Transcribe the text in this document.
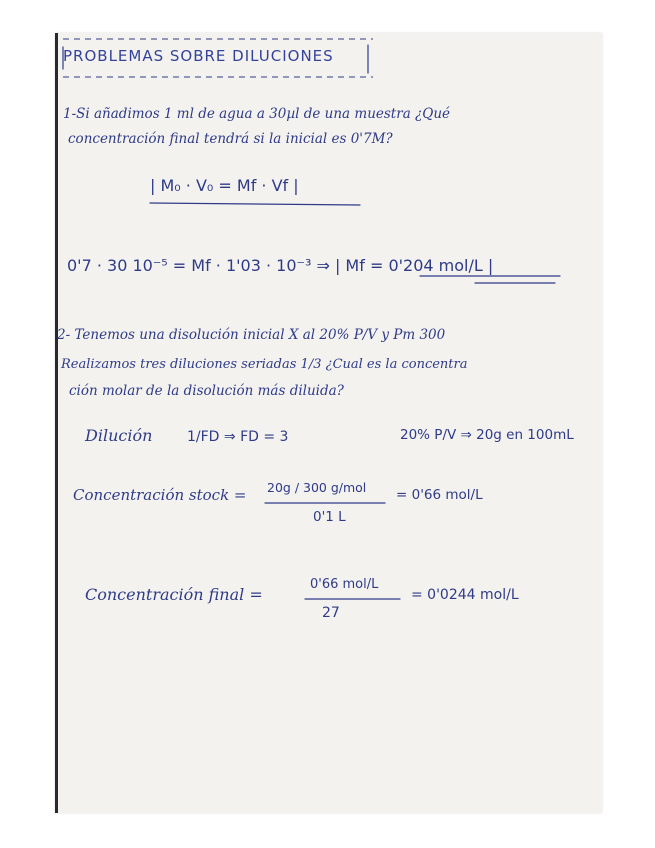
PROBLEMAS SOBRE DILUCIONES
1-Si añadimos 1 ml de agua a 30µl de una muestra ¿Qué
concentración final tendrá si la inicial es 0'7M?
| M₀ · V₀ = Mf · Vf |
0'7 · 30 10⁻⁵ = Mf · 1'03 · 10⁻³ ⇒ | Mf = 0'204 mol/L |
2- Tenemos una disolución inicial X al 20% P/V y Pm 300
Realizamos tres diluciones seriadas 1/3 ¿Cual es la concentra
ción molar de la disolución más diluida?
Dilución 1/FD ⇒ FD = 3	20% P/V ⇒ 20g en 100mL
Concentración stock = 20g / 300 g/mol
0'1 L
= 0'66 mol/L
Concentración final =
0'66 mol/L
27
= 0'0244 mol/L
